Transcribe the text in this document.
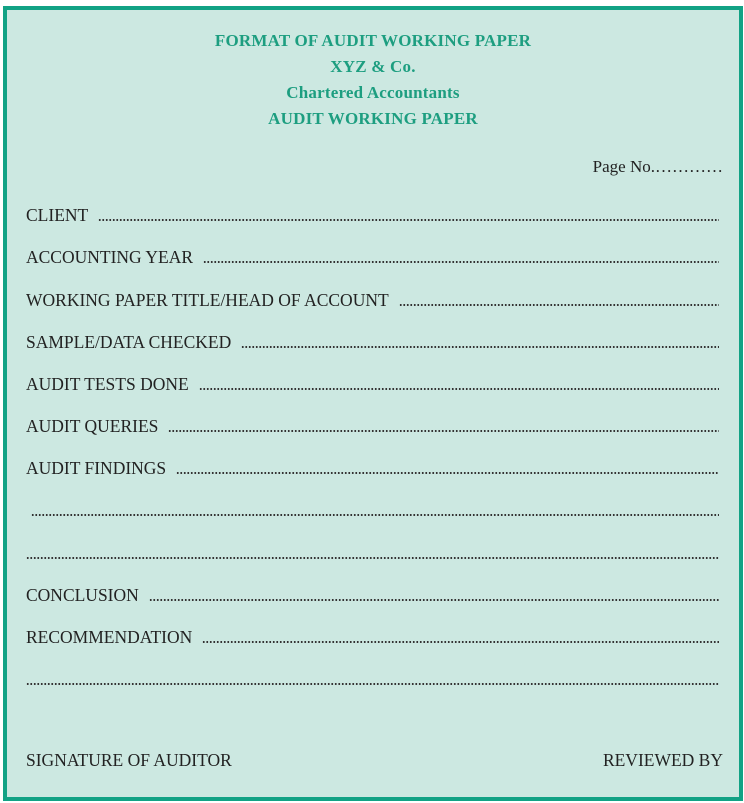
FORMAT OF AUDIT WORKING PAPER
XYZ & Co.
Chartered Accountants
AUDIT WORKING PAPER
Page No.…………
CLIENT
ACCOUNTING YEAR
WORKING PAPER TITLE/HEAD OF ACCOUNT
SAMPLE/DATA CHECKED
AUDIT TESTS DONE
AUDIT QUERIES
AUDIT FINDINGS
CONCLUSION
RECOMMENDATION
SIGNATURE OF AUDITOR	REVIEWED BY
